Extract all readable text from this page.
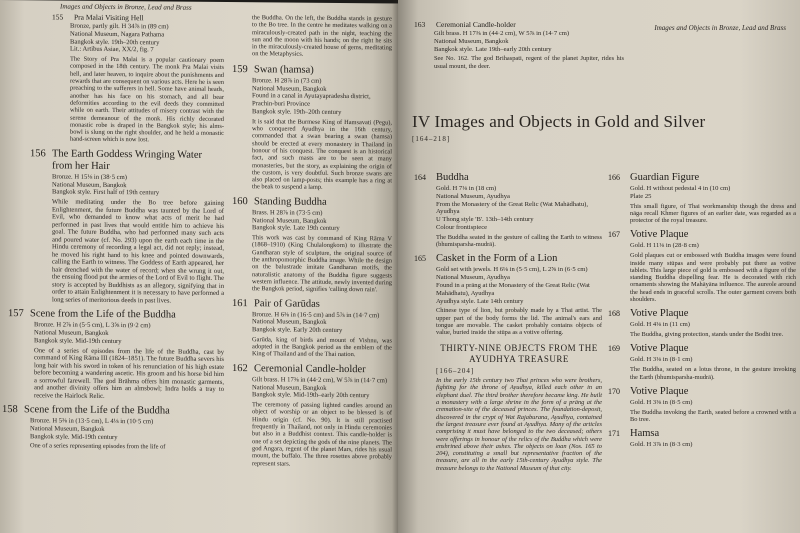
Images and Objects in Bronze, Lead and Brass
155	Pra Malai Visiting Hell
Bronze, partly gilt. H 34⅞ in (89 cm)
National Museum, Nagara Pathama
Bangkok style. 19th–20th century
Lit.: Artibus Asiae, XX/2, fig. 7
The Story of Pra Malai is a popular cautionary poem composed in the 18th century. The monk Pra Malai visits hell, and later heaven, to inquire about the punishments and rewards that are consequent on various acts. Here he is seen preaching to the sufferers in hell. Some have animal heads, another has his face on his stomach, and all bear deformities according to the evil deeds they committed while on earth. Their attitudes of misery contrast with the serene demeanour of the monk. His richly decorated monastic robe is draped in the Bangkok style; his alms-bowl is slung on the right shoulder, and he held a monastic hand-screen which is now lost.
156 The Earth Goddess Wringing Water from her Hair
Bronze. H 15⅛ in (38·5 cm)
National Museum, Bangkok
Bangkok style. First half of 19th century
While meditating under the Bo tree before gaining Enlightenment, the future Buddha was taunted by the Lord of Evil, who demanded to know what acts of merit he had performed in past lives that would entitle him to achieve his goal. The future Buddha, who had performed many such acts and poured water (cf. No. 293) upon the earth each time in the Hindu ceremony of recording a legal act, did not reply; instead, he moved his right hand to his knee and pointed downwards, calling the Earth to witness. The Goddess of Earth appeared, her hair drenched with the water of record; when she wrung it out, the ensuing flood put the armies of the Lord of Evil to flight. The story is accepted by Buddhists as an allegory, signifying that in order to attain Enlightenment it is necessary to have performed a long series of meritorious deeds in past lives.
157 Scene from the Life of the Buddha
Bronze. H 2⅞ in (5·5 cm), L 3⅝ in (9·2 cm)
National Museum, Bangkok
Bangkok style. Mid-19th century
One of a series of episodes from the life of the Buddha, cast by command of King Rāma III (1824–1851). The future Buddha severs his long hair with his sword in token of his renunciation of his high estate before becoming a wandering ascetic. His groom and his horse bid him a sorrowful farewell. The god Brāhma offers him monastic garments, and another divinity offers him an almsbowl; Indra holds a tray to receive the Hairlock Relic.
158 Scene from the Life of the Buddha
Bronze. H 5⅜ in (13·5 cm), L 4⅛ in (10·5 cm)
National Museum, Bangkok
Bangkok style. Mid-19th century
One of a series representing episodes from the life of
the Buddha. On the left, the Buddha stands in gesture to the Bo tree. In the centre he meditates walking on a miraculously-created path in the night, teaching the sun and the moon with his hands; on the right he sits in the miraculously-created house of gems, meditating on the Metaphysics.
159 Swan (hamsa)
Bronze. H 28⅞ in (73 cm)
National Museum, Bangkok
Found in a canal in Ayutayapradesha district, Prachin-buri Province
Bangkok style. 19th–20th century
It is said that the Burmese King of Hamsavati (Pegu), who conquered Ayudhya in the 16th century, commanded that a swan bearing a swan (hamsa) should be erected at every monastery in Thailand in honour of his conquest. The conquest is an historical fact, and such masts are to be seen at many monasteries, but the story, as explaining the origin of the custom, is very doubtful. Such bronze swans are also placed on lamp-posts; this example has a ring at the beak to suspend a lamp.
160 Standing Buddha
Brass. H 28⅞ in (73·5 cm)
National Museum, Bangkok
Bangkok style. Late 19th century
This work was cast by command of King Rāma V (1868–1910) (King Chulalongkorn) to illustrate the Gandharan style of sculpture, the original source of the anthropomorphic Buddha image. While the design on the balustrade imitate Gandharan motifs, the naturalistic anatomy of the Buddha figure suggests western influence. The attitude, newly invented during the Bangkok period, signifies 'calling down rain'.
161 Pair of Garūdas
Bronze. H 6⅜ in (16·5 cm) and 5⅞ in (14·7 cm)
National Museum, Bangkok
Bangkok style. Early 20th century
Garūda, king of birds and mount of Vishnu, was adopted in the Bangkok period as the emblem of the King of Thailand and of the Thai nation.
162 Ceremonial Candle-holder
Gilt brass. H 17⅜ in (44·2 cm), W 5⅞ in (14·7 cm)
National Museum, Bangkok
Bangkok style. Mid-19th–early 20th century
The ceremony of passing lighted candles around an object of worship or an object to be blessed is of Hindu origin (cf. No. 90). It is still practised frequently in Thailand, not only in Hindu ceremonies but also in a Buddhist context. This candle-holder is one of a set depicting the gods of the nine planets. The god Angara, regent of the planet Mars, rides his usual mount, the buffalo. The three rosettes above probably represent stars.
Images and Objects in Bronze, Lead and Brass
163	Ceremonial Candle-holder
Gilt brass. H 17⅜ in (44·2 cm), W 5⅞ in (14·7 cm)
National Museum, Bangkok
Bangkok style. Late 19th–early 20th century
See No. 162. The god Brihaspati, regent of the planet Jupiter, rides his usual mount, the deer.
IV Images and Objects in Gold and Silver
[164–218]
164 Buddha
Gold. H 7⅛ in (18 cm)
National Museum, Ayudhya
From the Monastery of the Great Relic (Wat Mahādhatu), Ayudhya
U Thong style 'B'. 13th–14th century
Colour frontispiece
The Buddha seated in the gesture of calling the Earth to witness (bhumisparsha-mudrā).
165 Casket in the Form of a Lion
Gold set with jewels. H 6⅛ in (5·5 cm), L 2⅝ in (6·5 cm)
National Museum, Ayudhya
Found in a prāng at the Monastery of the Great Relic (Wat Mahādhatu), Ayudhya
Ayudhya style. Late 14th century
Chinese type of lion, but probably made by a Thai artist. The upper part of the body forms the lid. The animal's ears and tongue are movable. The casket probably contains objects of value, buried inside the stūpa as a votive offering.
THIRTY-NINE OBJECTS FROM THE AYUDHYA TREASURE
[166–204]
In the early 15th century two Thai princes who were brothers, fighting for the throne of Ayudhya, killed each other in an elephant duel. The third brother therefore became king. He built a monastery with a large shrine in the form of a prāng at the cremation-site of the deceased princes. The foundation-deposit, discovered in the crypt of Wat Rajaburana, Ayudhya, contained the largest treasure ever found at Ayudhya. Many of the articles comprising it must have belonged to the two deceased; others were offerings in honour of the relics of the Buddha which were enshrined above their ashes. The objects on loan (Nos. 165 to 204), constituting a small but representative fraction of the treasure, are all in the early 15th-century Ayudhya style. The treasure belongs to the National Museum of that city.
166 Guardian Figure
Gold. H without pedestal 4 in (10 cm)
Plate 25
This small figure, of Thai workmanship though the dress and nāga recall Khmer figures of an earlier date, was regarded as a protector of the royal treasure.
167 Votive Plaque
Gold. H 11⅛ in (28·8 cm)
Gold plaques cut or embossed with Buddha images were found inside many stūpas and were probably put there as votive tablets. This large piece of gold is embossed with a figure of the standing Buddha dispelling fear. He is decorated with rich ornaments showing the Mahāyāna influence. The aureole around the head ends in graceful scrolls. The outer garment covers both shoulders.
168 Votive Plaque
Gold. H 4⅛ in (11 cm)
The Buddha, giving protection, stands under the Bodhi tree.
169 Votive Plaque
Gold. H 3⅛ in (8·1 cm)
The Buddha, seated on a lotus throne, in the gesture invoking the Earth (bhumisparsha-mudrā).
170 Votive Plaque
Gold. H 3⅜ in (8·5 cm)
The Buddha invoking the Earth, seated before a crowned with a Bo tree.
171 Hamsa
Gold. H 3⅞ in (8·3 cm)
